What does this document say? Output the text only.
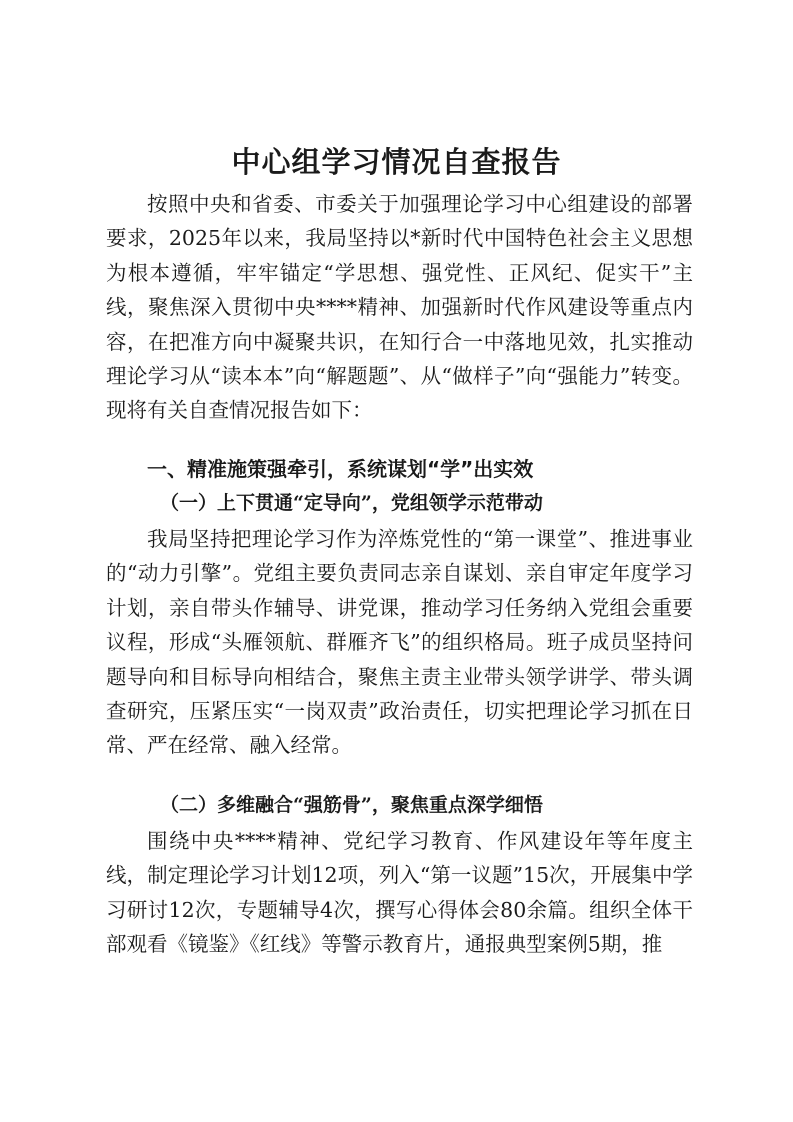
中心组学习情况自查报告

按照中央和省委、市委关于加强理论学习中心组建设的部署要求，2025年以来，我局坚持以*新时代中国特色社会主义思想为根本遵循，牢牢锚定“学思想、强党性、正风纪、促实干”主线，聚焦深入贯彻中央****精神、加强新时代作风建设等重点内容，在把准方向中凝聚共识，在知行合一中落地见效，扎实推动理论学习从“读本本”向“解题题”、从“做样子”向“强能力”转变。现将有关自查情况报告如下：

一、精准施策强牵引，系统谋划“学”出实效
（一）上下贯通“定导向”，党组领学示范带动

我局坚持把理论学习作为淬炼党性的“第一课堂”、推进事业的“动力引擎”。党组主要负责同志亲自谋划、亲自审定年度学习计划，亲自带头作辅导、讲党课，推动学习任务纳入党组会重要议程，形成“头雁领航、群雁齐飞”的组织格局。班子成员坚持问题导向和目标导向相结合，聚焦主责主业带头领学讲学、带头调查研究，压紧压实“一岗双责”政治责任，切实把理论学习抓在日常、严在经常、融入经常。

（二）多维融合“强筋骨”，聚焦重点深学细悟

围绕中央****精神、党纪学习教育、作风建设年等年度主线，制定理论学习计划12项，列入“第一议题”15次，开展集中学习研讨12次，专题辅导4次，撰写心得体会80余篇。组织全体干部观看《镜鉴》《红线》等警示教育片，通报典型案例5期，推
